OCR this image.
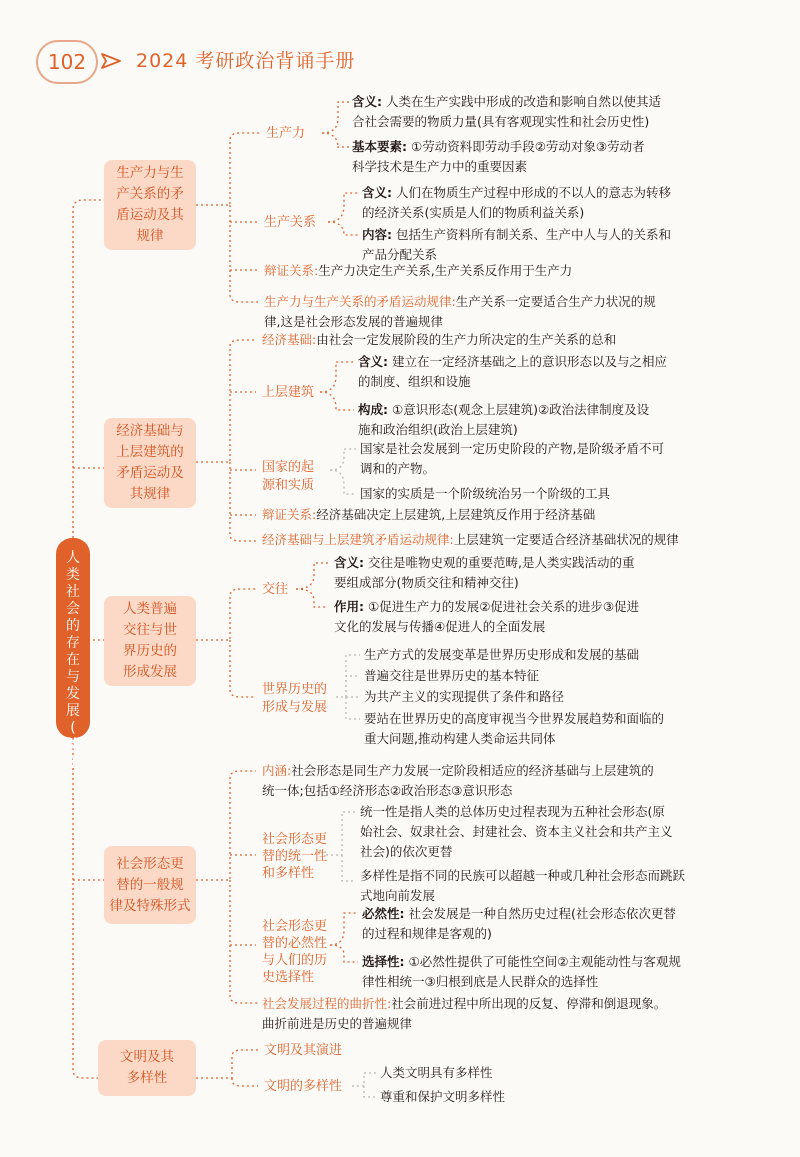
102	2024 考研政治背诵手册
人
类
社
会
的
存
在
与
发
展
(
续
)
生产力与生
产关系的矛
盾运动及其
规律
生产力
含义: 人类在生产实践中形成的改造和影响自然以使其适
合社会需要的物质力量(具有客观现实性和社会历史性)
基本要素: ①劳动资料即劳动手段②劳动对象③劳动者
科学技术是生产力中的重要因素
生产关系
含义: 人们在物质生产过程中形成的不以人的意志为转移
的经济关系(实质是人们的物质利益关系)
内容: 包括生产资料所有制关系、生产中人与人的关系和
产品分配关系
辩证关系:生产力决定生产关系,生产关系反作用于生产力
生产力与生产关系的矛盾运动规律:生产关系一定要适合生产力状况的规
律,这是社会形态发展的普遍规律
经济基础与
上层建筑的
矛盾运动及
其规律
经济基础:由社会一定发展阶段的生产力所决定的生产关系的总和
上层建筑
含义: 建立在一定经济基础之上的意识形态以及与之相应
的制度、组织和设施
构成: ①意识形态(观念上层建筑)②政治法律制度及设
施和政治组织(政治上层建筑)
国家的起
源和实质
国家是社会发展到一定历史阶段的产物,是阶级矛盾不可
调和的产物。
国家的实质是一个阶级统治另一个阶级的工具
辩证关系:经济基础决定上层建筑,上层建筑反作用于经济基础
经济基础与上层建筑矛盾运动规律:上层建筑一定要适合经济基础状况的规律
人类普遍
交往与世
界历史的
形成发展
交往
含义: 交往是唯物史观的重要范畴,是人类实践活动的重
要组成部分(物质交往和精神交往)
作用: ①促进生产力的发展②促进社会关系的进步③促进
文化的发展与传播④促进人的全面发展
世界历史的
形成与发展
生产方式的发展变革是世界历史形成和发展的基础
普遍交往是世界历史的基本特征
为共产主义的实现提供了条件和路径
要站在世界历史的高度审视当今世界发展趋势和面临的
重大问题,推动构建人类命运共同体
社会形态更
替的一般规
律及特殊形式
内涵:社会形态是同生产力发展一定阶段相适应的经济基础与上层建筑的
统一体;包括①经济形态②政治形态③意识形态
社会形态更
替的统一性
和多样性
统一性是指人类的总体历史过程表现为五种社会形态(原
始社会、奴隶社会、封建社会、资本主义社会和共产主义
社会)的依次更替
多样性是指不同的民族可以超越一种或几种社会形态而跳跃
式地向前发展
社会形态更
替的必然性
与人们的历
史选择性
必然性: 社会发展是一种自然历史过程(社会形态依次更替
的过程和规律是客观的)
选择性: ①必然性提供了可能性空间②主观能动性与客观规
律性相统一③归根到底是人民群众的选择性
社会发展过程的曲折性:社会前进过程中所出现的反复、停滞和倒退现象。
曲折前进是历史的普遍规律
文明及其
多样性
文明及其演进
文明的多样性
人类文明具有多样性
尊重和保护文明多样性
